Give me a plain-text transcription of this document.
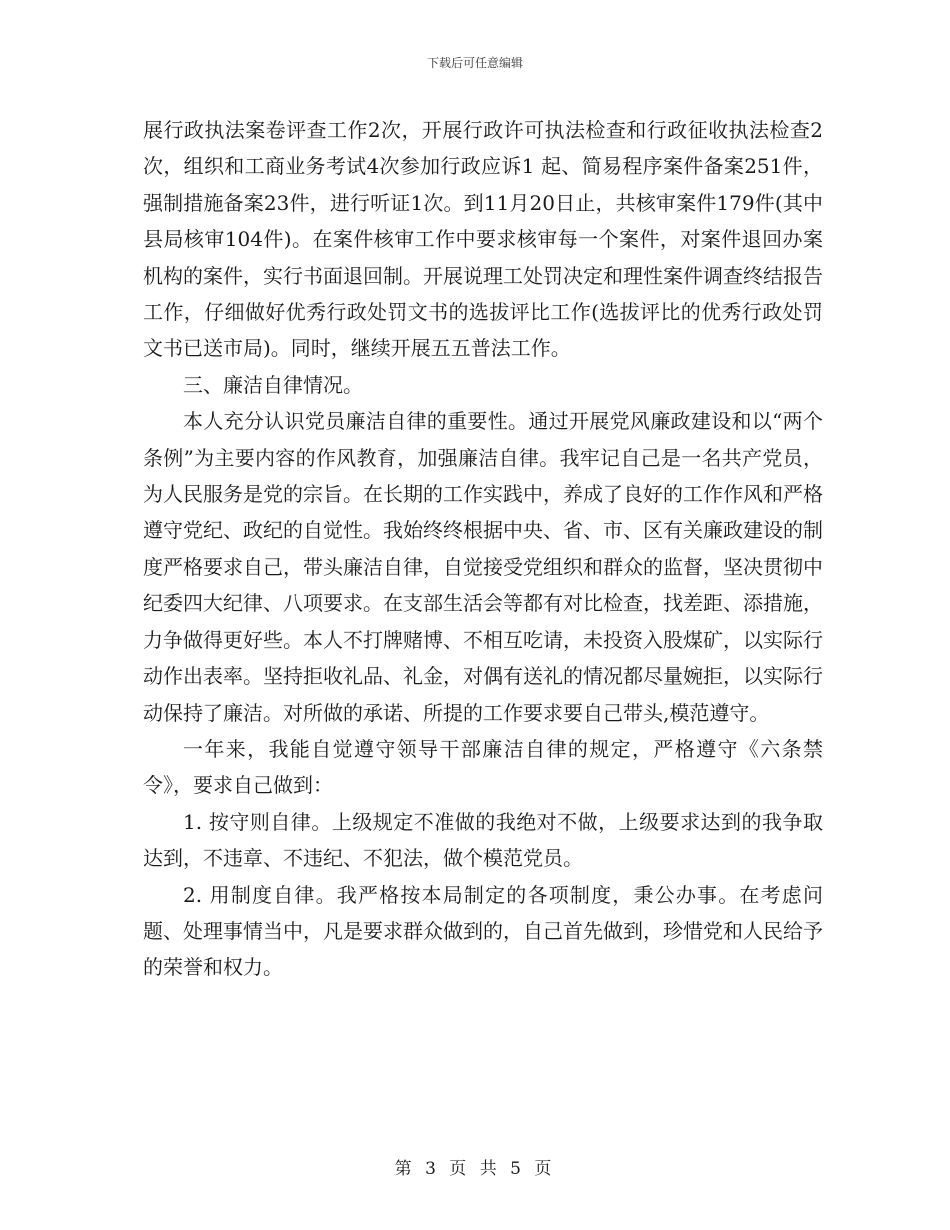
下载后可任意编辑

展行政执法案卷评查工作2次，开展行政许可执法检查和行政征收执法检查2次，组织和工商业务考试4次参加行政应诉1 起、简易程序案件备案251件，强制措施备案23件，进行听证1次。到11月20日止，共核审案件179件(其中县局核审104件)。在案件核审工作中要求核审每一个案件，对案件退回办案机构的案件，实行书面退回制。开展说理工处罚决定和理性案件调查终结报告工作，仔细做好优秀行政处罚文书的选拔评比工作(选拔评比的优秀行政处罚文书已送市局)。同时，继续开展五五普法工作。

三、廉洁自律情况。

本人充分认识党员廉洁自律的重要性。通过开展党风廉政建设和以“两个条例”为主要内容的作风教育，加强廉洁自律。我牢记自己是一名共产党员，为人民服务是党的宗旨。在长期的工作实践中，养成了良好的工作作风和严格遵守党纪、政纪的自觉性。我始终终根据中央、省、市、区有关廉政建设的制度严格要求自己，带头廉洁自律，自觉接受党组织和群众的监督，坚决贯彻中纪委四大纪律、八项要求。在支部生活会等都有对比检查，找差距、添措施，力争做得更好些。本人不打牌赌博、不相互吃请，未投资入股煤矿，以实际行动作出表率。坚持拒收礼品、礼金，对偶有送礼的情况都尽量婉拒，以实际行动保持了廉洁。对所做的承诺、所提的工作要求要自己带头,模范遵守。

一年来，我能自觉遵守领导干部廉洁自律的规定，严格遵守《六条禁令》，要求自己做到：

1. 按守则自律。上级规定不准做的我绝对不做，上级要求达到的我争取达到，不违章、不违纪、不犯法，做个模范党员。

2. 用制度自律。我严格按本局制定的各项制度，秉公办事。在考虑问题、处理事情当中，凡是要求群众做到的，自己首先做到，珍惜党和人民给予的荣誉和权力。

第 3 页 共 5 页
